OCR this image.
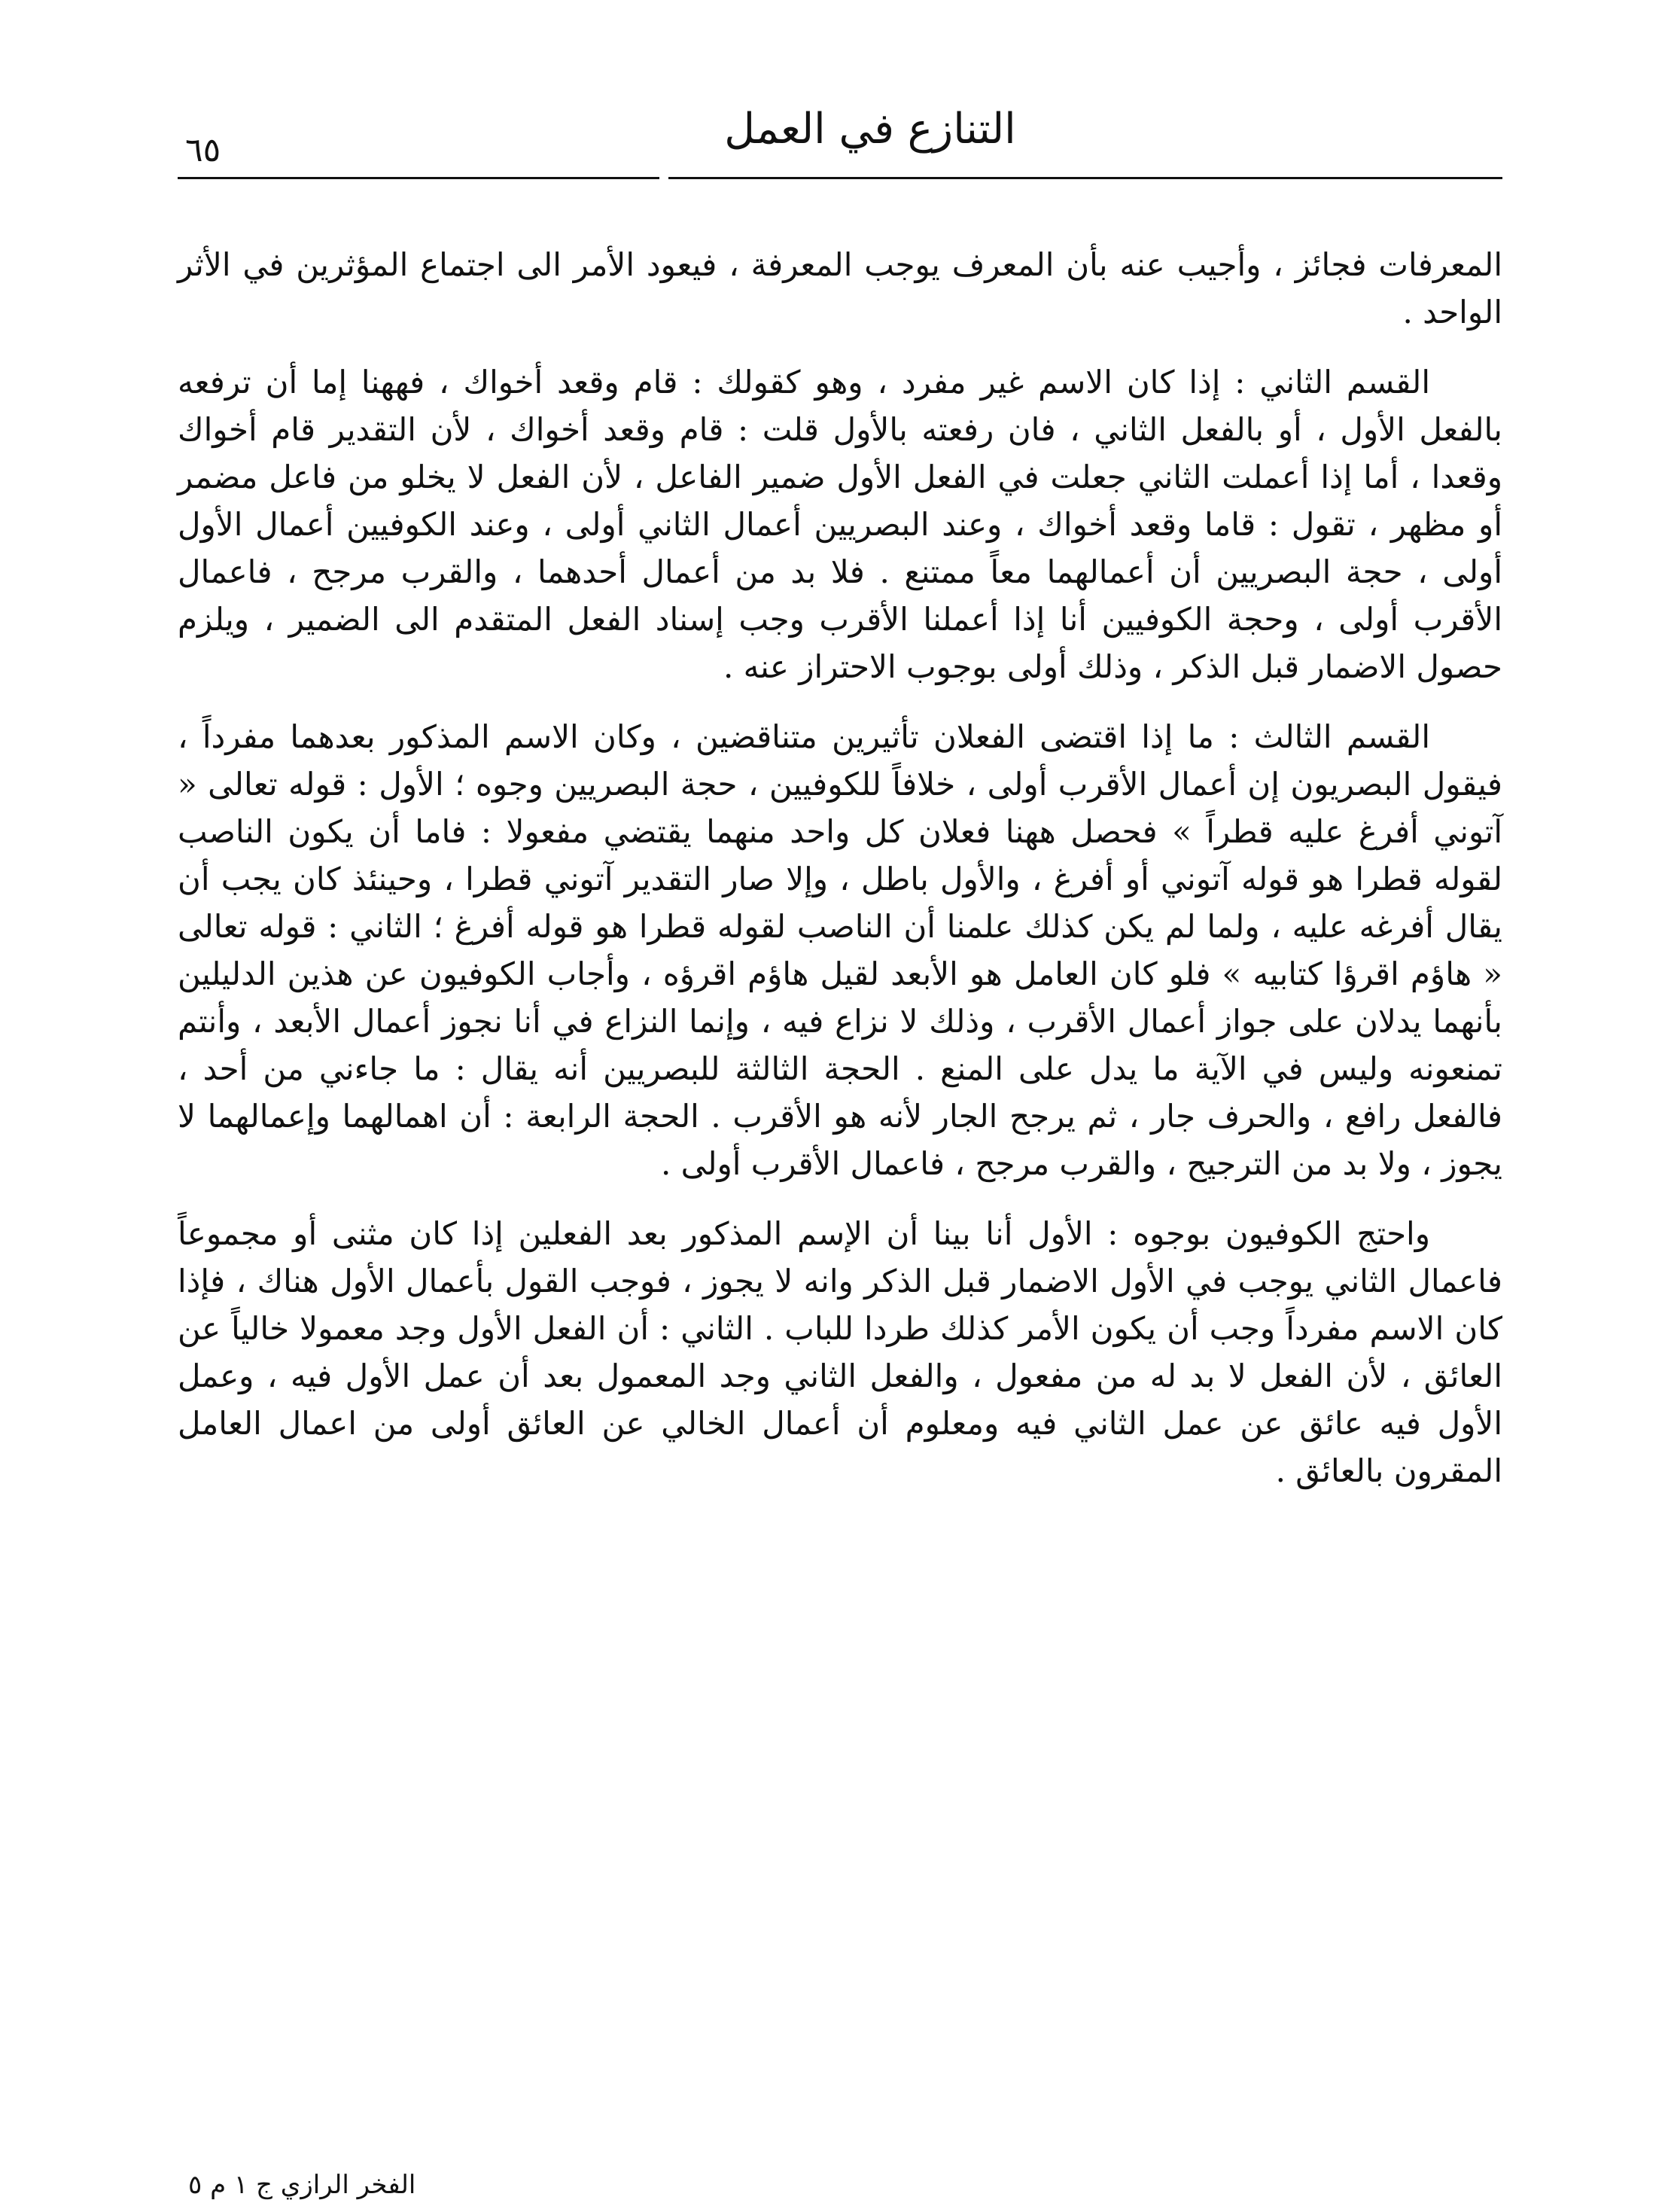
التنازع في العمل
٦٥

المعرفات فجائز ، وأجيب عنه بأن المعرف يوجب المعرفة ، فيعود الأمر الى اجتماع المؤثرين في الأثر الواحد .

القسم الثاني : إذا كان الاسم غير مفرد ، وهو كقولك : قام وقعد أخواك ، فههنا إما أن ترفعه بالفعل الأول ، أو بالفعل الثاني ، فان رفعته بالأول قلت : قام وقعد أخواك ، لأن التقدير قام أخواك وقعدا ، أما إذا أعملت الثاني جعلت في الفعل الأول ضمير الفاعل ، لأن الفعل لا يخلو من فاعل مضمر أو مظهر ، تقول : قاما وقعد أخواك ، وعند البصريين أعمال الثاني أولى ، وعند الكوفيين أعمال الأول أولى ، حجة البصريين أن أعمالهما معاً ممتنع . فلا بد من أعمال أحدهما ، والقرب مرجح ، فاعمال الأقرب أولى ، وحجة الكوفيين أنا إذا أعملنا الأقرب وجب إسناد الفعل المتقدم الى الضمير ، ويلزم حصول الاضمار قبل الذكر ، وذلك أولى بوجوب الاحتراز عنه .

القسم الثالث : ما إذا اقتضى الفعلان تأثيرين متناقضين ، وكان الاسم المذكور بعدهما مفرداً ، فيقول البصريون إن أعمال الأقرب أولى ، خلافاً للكوفيين ، حجة البصريين وجوه ؛ الأول : قوله تعالى « آتوني أفرغ عليه قطراً » فحصل ههنا فعلان كل واحد منهما يقتضي مفعولا : فاما أن يكون الناصب لقوله قطرا هو قوله آتوني أو أفرغ ، والأول باطل ، وإلا صار التقدير آتوني قطرا ، وحينئذ كان يجب أن يقال أفرغه عليه ، ولما لم يكن كذلك علمنا أن الناصب لقوله قطرا هو قوله أفرغ ؛ الثاني : قوله تعالى « هاؤم اقرؤا كتابيه » فلو كان العامل هو الأبعد لقيل هاؤم اقرؤه ، وأجاب الكوفيون عن هذين الدليلين بأنهما يدلان على جواز أعمال الأقرب ، وذلك لا نزاع فيه ، وإنما النزاع في أنا نجوز أعمال الأبعد ، وأنتم تمنعونه وليس في الآية ما يدل على المنع . الحجة الثالثة للبصريين أنه يقال : ما جاءني من أحد ، فالفعل رافع ، والحرف جار ، ثم يرجح الجار لأنه هو الأقرب . الحجة الرابعة : أن اهمالهما وإعمالهما لا يجوز ، ولا بد من الترجيح ، والقرب مرجح ، فاعمال الأقرب أولى .

واحتج الكوفيون بوجوه : الأول أنا بينا أن الإسم المذكور بعد الفعلين إذا كان مثنى أو مجموعاً فاعمال الثاني يوجب في الأول الاضمار قبل الذكر وانه لا يجوز ، فوجب القول بأعمال الأول هناك ، فإذا كان الاسم مفرداً وجب أن يكون الأمر كذلك طردا للباب . الثاني : أن الفعل الأول وجد معمولا خالياً عن العائق ، لأن الفعل لا بد له من مفعول ، والفعل الثاني وجد المعمول بعد أن عمل الأول فيه ، وعمل الأول فيه عائق عن عمل الثاني فيه ومعلوم أن أعمال الخالي عن العائق أولى من اعمال العامل المقرون بالعائق .

الفخر الرازي ج ١ م ٥
